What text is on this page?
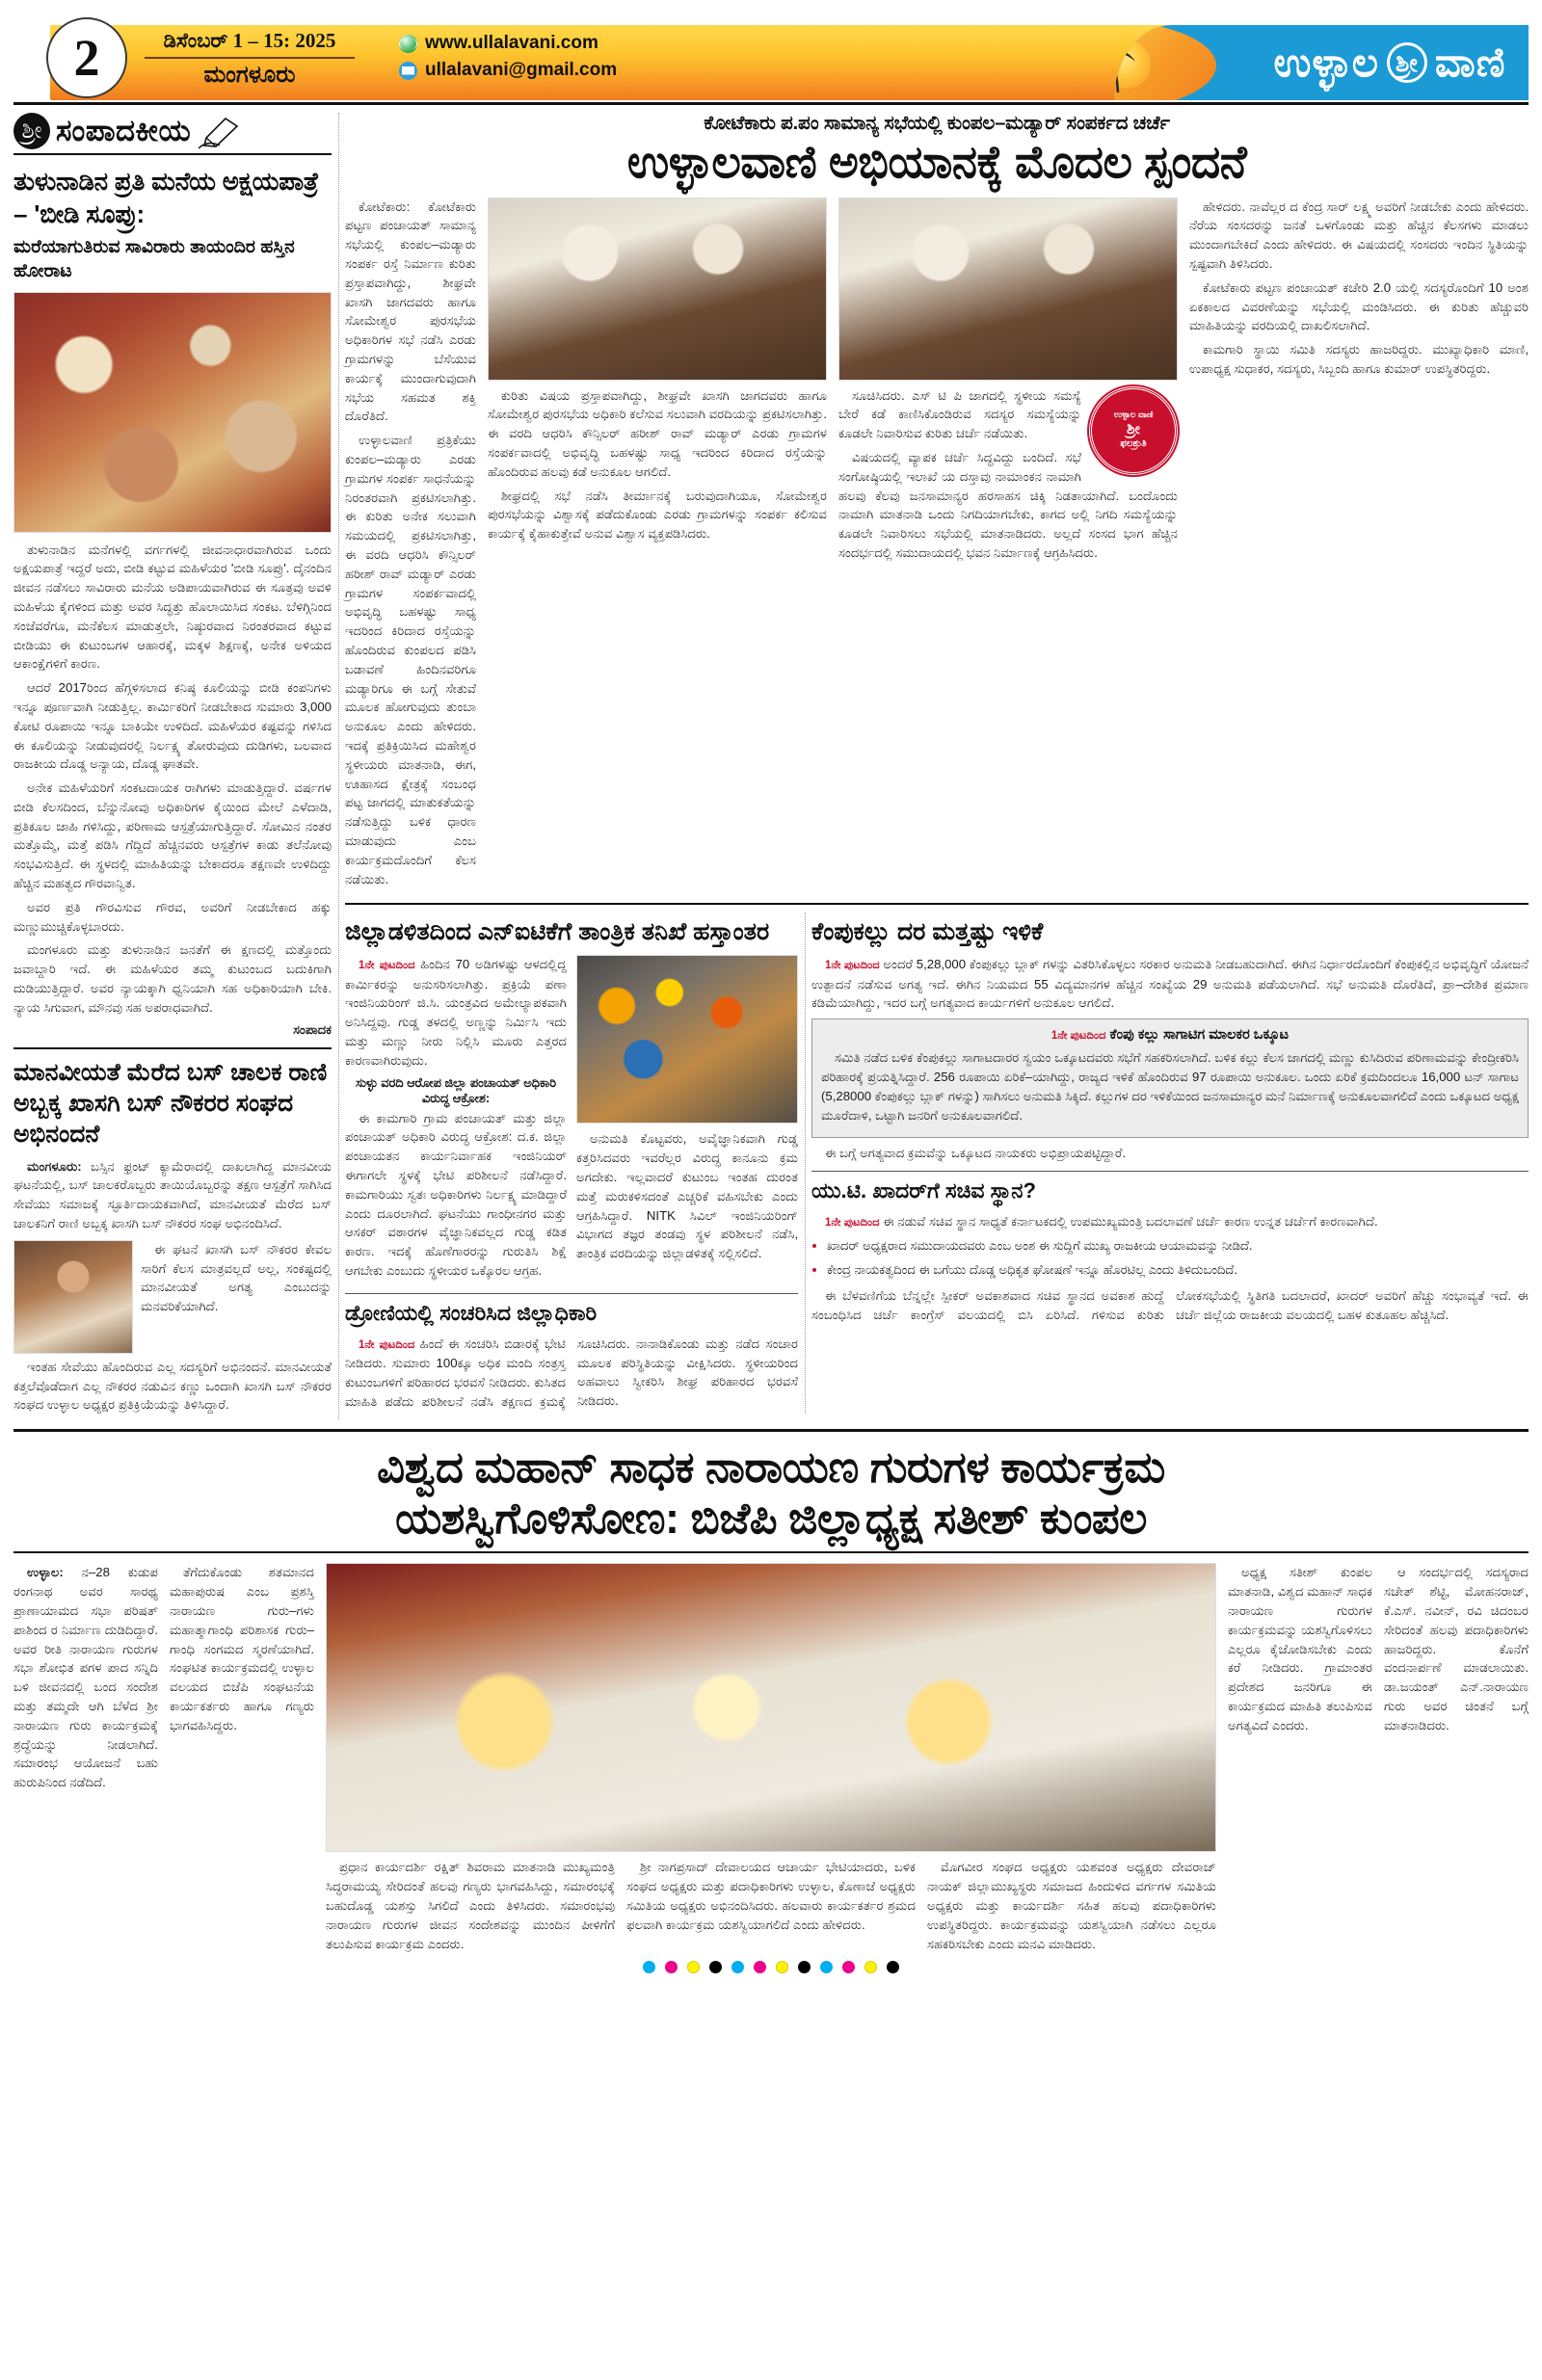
ಉಳ್ಳಾಲ ಶ್ರೀ ವಾಣಿ
2	ಡಿಸೆಂಬರ್ 1 – 15: 2025
ಮಂಗಳೂರು
www.ullalavani.com
ullalavani@gmail.com
ಶ್ರೀ ಸಂಪಾದಕೀಯ
ತುಳುನಾಡಿನ ಪ್ರತಿ ಮನೆಯ ಅಕ್ಷಯಪಾತ್ರೆ – 'ಬೀಡಿ ಸೂಪ್ರು:
ಮರೆಯಾಗುತಿರುವ ಸಾವಿರಾರು ತಾಯಂದಿರ ಹಸ್ತಿನ ಹೋರಾಟ

ತುಳುನಾಡಿನ ಮನೆಗಳಲ್ಲಿ ವರ್ಗಗಳಲ್ಲಿ ಜೀವನಾಧಾರವಾಗಿರುವ ಒಂದು ಅಕ್ಷಯಪಾತ್ರೆ ಇದ್ದರೆ ಅದು, ಬೀಡಿ ಕಟ್ಟುವ ಮಹಿಳೆಯರ 'ಬೀಡಿ ಸೂಪ್ರು'. ದೈನಂದಿನ ಜೀವನ ನಡೆಸಲು ಸಾವಿರಾರು ಮನೆಯ ಅಡಿಪಾಯವಾಗಿರುವ ಈ ಸೂತ್ರವು ಅವಳಿ ಮಹಿಳೆಯ ಕೈಗಳಿಂದ ಮತ್ತು ಅವರ ಸಿದ್ಧತ್ತು ಹೊಲಾಯಿಸಿದ ಸಂಕಟ. ಬೆಳಿಗ್ಗಿನಿಂದ ಸಂಜೆವರೆಗೂ, ಮನೆಕೆಲಸ ಮಾಡುತ್ತಲೇ, ನಿಷ್ಠುರವಾದ ನಿರಂತರವಾದ ಕಟ್ಟುವ ಬೀಡಿಯು ಈ ಕುಟುಂಬಗಳ ಆಹಾರಕ್ಕೆ, ಮಕ್ಕಳ ಶಿಕ್ಷಣಕ್ಕೆ, ಅನೇಕ ಅಳಿಯದ ಆಕಾಂಕ್ಷೆಗಳಿಗೆ ಕಾರಣ.

ಆದರೆ 2017ರಿಂದ ಹೆಗ್ಗಳಿಸಲಾದ ಕನಿಷ್ಠ ಕೂಲಿಯನ್ನು ಬೀಡಿ ಕಂಪನಿಗಳು ಇನ್ನೂ ಪೂರ್ಣವಾಗಿ ನೀಡುತ್ತಿಲ್ಲ. ಕಾರ್ಮಿಕರಿಗೆ ನೀಡಬೇಕಾದ ಸುಮಾರು 3,000 ಕೋಟಿ ರೂಪಾಯಿ ಇನ್ನೂ ಬಾಕಿಯೇ ಉಳಿದಿದೆ. ಮಹಿಳೆಯರ ಕಷ್ಟವನ್ನು ಗಳಿಸಿದ ಈ ಕೂಲಿಯನ್ನು ನೀಡುವುದರಲ್ಲಿ ನಿರ್ಲಕ್ಷ್ಯ ತೋರುವುದು ದುಡಿಗಳು, ಬಲವಾದ ರಾಜಕೀಯ ದೊಡ್ಡ ಅನ್ಯಾಯ, ದೊಡ್ಡ ಘಾತವೇ.

ಅನೇಕ ಮಹಿಳೆಯರಿಗೆ ಸಂಕಟದಾಯಕ ರಾಗಿಗಳು ಮಾಡುತ್ತಿದ್ದಾರೆ. ವರ್ಷಗಳ ಬೀಡಿ ಕೆಲಸದಿಂದ, ಬೆನ್ನುನೋವು ಅಧಿಕಾರಿಗಳ ಕೈಯಿಂದ ಮೇಲೆ ಎಳೆದಾಡಿ, ಪ್ರತಿಕೂಲ ಜಾಹಿ ಗಳಿಸಿದ್ದು, ಪರಿಣಾಮ ಆಸ್ಪತ್ರೆಯಾಗುತ್ತಿದ್ದಾರೆ. ಸೋಮಿನ ನಂತರ ಮತ್ತೊಮ್ಮೆ, ಮತ್ತೆ ಪಡಿಸಿ ಗೆದ್ದಿದೆ ಹೆಚ್ಚಿನವರು ಆಸ್ಪತ್ರೆಗಳ ಕಾಡು ತಲೆನೋವು ಸಂಭವಿಸುತ್ತಿದೆ. ಈ ಸ್ಥಳದಲ್ಲಿ ಮಾಹಿತಿಯನ್ನು ಬೇಕಾದರೂ ತಕ್ಷಣವೇ ಉಳಿದಿದ್ದು ಹೆಚ್ಚಿನ ಮಹತ್ವದ ಗೌರವಾನ್ವಿತ.

ಅವರ ಪ್ರತಿ ಗೌರವಿಸುವ ಗೌರವ, ಅವರಿಗೆ ನೀಡಬೇಕಾದ ಹಕ್ಕು ಮಣ್ಣುಮುಚ್ಚಿಕೊಳ್ಳಬಾರದು.

ಮಂಗಳೂರು ಮತ್ತು ತುಳುನಾಡಿನ ಜನತೆಗೆ ಈ ಕ್ಷಣದಲ್ಲಿ ಮತ್ತೊಂದು ಜವಾಬ್ದಾರಿ ಇದೆ. ಈ ಮಹಿಳೆಯರ ತಮ್ಮ ಕುಟುಂಬದ ಬದುಕಿಗಾಗಿ ದುಡಿಯುತ್ತಿದ್ದಾರೆ. ಅವರ ನ್ಯಾಯಕ್ಕಾಗಿ ಧ್ವನಿಯಾಗಿ ಸಹ ಅಧಿಕಾರಿಯಾಗಿ ಬೇಕಿ. ನ್ಯಾಯ ಸಿಗುವಾಗ, ಮೌನವು ಸಹ ಅಪರಾಧವಾಗಿದೆ.

ಸಂಪಾದಕ
ಮಾನವೀಯತೆ ಮೆರೆದ ಬಸ್ ಚಾಲಕ ರಾಣಿ ಅಬ್ಬಕ್ಕ ಖಾಸಗಿ ಬಸ್ ನೌಕರರ ಸಂಘದ ಅಭಿನಂದನೆ

ಮಂಗಳೂರು: ಬಸ್ಸಿನ ಫ್ರಂಟ್ ಕ್ಯಾಮೆರಾದಲ್ಲಿ ದಾಖಲಾಗಿದ್ದ ಮಾನವೀಯ ಘಟನೆಯಲ್ಲಿ, ಬಸ್ ಚಾಲಕರೊಬ್ಬರು ತಾಯಿಯೊಬ್ಬರನ್ನು ತಕ್ಷಣ ಆಸ್ಪತ್ರೆಗೆ ಸಾಗಿಸಿದ ಸೇವೆಯು ಸಮಾಜಕ್ಕೆ ಸ್ಫೂರ್ತಿದಾಯಕವಾಗಿದೆ, ಮಾನವೀಯತೆ ಮೆರೆದ ಬಸ್ ಚಾಲಕನಿಗೆ ರಾಣಿ ಅಬ್ಬಕ್ಕ ಖಾಸಗಿ ಬಸ್ ನೌಕರರ ಸಂಘ ಅಭಿನಂದಿಸಿದೆ.

ಈ ಘಟನೆ ಖಾಸಗಿ ಬಸ್ ನೌಕರರ ಕೇವಲ ಸಾರಿಗೆ ಕೆಲಸ ಮಾತ್ರವಲ್ಲದೆ ಅಲ್ಲ, ಸಂಕಷ್ಟದಲ್ಲಿ ಮಾನವೀಯತೆ ಅಗತ್ಯ ಎಂಬುದನ್ನು ಮನವರಿಕೆಯಾಗಿದೆ.

ಇಂತಹ ಸೇವೆಯು ಹೊಂದಿರುವ ಎಲ್ಲ ಸದಸ್ಯರಿಗೆ ಅಭಿನಂದನೆ. ಮಾನವೀಯತೆ ಕತ್ತಲೆವೊಡೆದಾಗ ಎಲ್ಲ ನೌಕರರ ನಡುವಿನ ಕಣ್ಣು ಒಂದಾಗಿ ಖಾಸಗಿ ಬಸ್ ನೌಕರರ ಸಂಘದ ಉಳ್ಳಾಲ ಅಧ್ಯಕ್ಷರ ಪ್ರತಿಕ್ರಿಯೆಯನ್ನು ತಿಳಿಸಿದ್ದಾರೆ.

ಕೋಟೆಕಾರು ಪ.ಪಂ ಸಾಮಾನ್ಯ ಸಭೆಯಲ್ಲಿ ಕುಂಪಲ–ಮಡ್ಯಾರ್ ಸಂಪರ್ಕದ ಚರ್ಚೆ
ಉಳ್ಳಾಲವಾಣಿ ಅಭಿಯಾನಕ್ಕೆ ಮೊದಲ ಸ್ಪಂದನೆ

ಕೋಟೆಕಾರು: ಕೋಟೆಕಾರು ಪಟ್ಟಣ ಪಂಚಾಯತ್ ಸಾಮಾನ್ಯ ಸಭೆಯಲ್ಲಿ ಕುಂಪಲ–ಮಡ್ಯಾರು ಸಂಪರ್ಕ ರಸ್ತೆ ನಿರ್ಮಾಣ ಕುರಿತು ಪ್ರಸ್ತಾಪವಾಗಿದ್ದು, ಶೀಘ್ರವೇ ಖಾಸಗಿ ಜಾಗದವರು ಹಾಗೂ ಸೋಮೇಶ್ವರ ಪುರಸಭೆಯ ಅಧಿಕಾರಿಗಳ ಸಭೆ ನಡೆಸಿ ಎರಡು ಗ್ರಾಮಗಳನ್ನು ಬೆಸೆಯುವ ಕಾರ್ಯಕ್ಕೆ ಮುಂದಾಗುವುದಾಗಿ ಸಭೆಯ ಸಹಮತ ಶಕ್ತಿ ದೊರೆತಿದೆ.

ಉಳ್ಳಾಲವಾಣಿ ಪ್ರತ್ರಿಕೆಯು ಕುಂಪಲ–ಮಡ್ಯಾರು ಎರಡು ಗ್ರಾಮಗಳ ಸಂಪರ್ಕ ಸಾಧನೆಯನ್ನು ನಿರಂತರವಾಗಿ ಪ್ರಕಟಿಸಲಾಗಿತ್ತು. ಈ ಕುರಿತು ಅನೇಕ ಸಲುವಾಗಿ ಸಮಯದಲ್ಲಿ ಪ್ರಕಟಿಸಲಾಗಿತ್ತು, ಈ ವರದಿ ಆಧರಿಸಿ ಕೌನ್ಸಿಲರ್ ಹರೀಶ್ ರಾವ್ ಮಡ್ಯಾರ್ ಎರಡು ಗ್ರಾಮಗಳ ಸಂಪರ್ಕವಾದಲ್ಲಿ ಅಭಿವೃದ್ಧಿ ಬಹಳಷ್ಟು ಸಾಧ್ಯ ಇದರಿಂದ ಕಿರಿದಾದ ರಸ್ತೆಯನ್ನು ಹೊಂದಿರುವ ಕುಂಪಲದ ಪಡಿಸಿ ಬಡಾವಣೆ ಹಿಂದಿನವರಿಗೂ ಮಡ್ಯಾರಿಗೂ ಈ ಬಗ್ಗೆ ಸೇತುವೆ ಮೂಲಕ ಹೋಗುವುದು ತುಂಬಾ ಅನುಕೂಲ ಎಂದು ಹೇಳಿದರು. ಇದಕ್ಕೆ ಪ್ರತಿಕ್ರಿಯಿಸಿದ ಮಹೇಶ್ವರ ಸ್ಥಳೀಯರು ಮಾತನಾಡಿ, ಈಗ, ಊಹಾಸದ ಕ್ಷೇತ್ರಕ್ಕೆ ಸಂಬಂಧ ಪಟ್ಟ ಜಾಗದಲ್ಲಿ ಮಾತುಕತೆಯನ್ನು ನಡೆಸುತ್ತಿದ್ದು ಬಳಿಕ ಧಾರಣ ಮಾಡುವುದು ಎಂಬ ಕಾರ್ಯಕ್ರಮದೊಂದಿಗೆ ಕೆಲಸ ನಡೆಯಿತು.

ಕುರಿತು ವಿಷಯ ಪ್ರಸ್ತಾಪವಾಗಿದ್ದು, ಶೀಘ್ರವೇ ಖಾಸಗಿ ಜಾಗದವರು ಹಾಗೂ ಸೋಮೇಶ್ವರ ಪುರಸಭೆಯ ಅಧಿಕಾರಿ ಕಲೆಸುವ ಸಲುವಾಗಿ ವರದಿಯನ್ನು ಪ್ರಕಟಿಸಲಾಗಿತ್ತು. ಈ ವರದಿ ಆಧರಿಸಿ ಕೌನ್ಸಿಲರ್ ಹರೀಶ್ ರಾವ್ ಮಡ್ಯಾರ್ ಎರಡು ಗ್ರಾಮಗಳ ಸಂಪರ್ಕವಾದಲ್ಲಿ ಅಭಿವೃದ್ಧಿ ಬಹಳಷ್ಟು ಸಾಧ್ಯ ಇದರಿಂದ ಕಿರಿದಾದ ರಸ್ತೆಯನ್ನು ಹೊಂದಿರುವ ಹಲವು ಕಡೆ ಅನುಕೂಲ ಆಗಲಿದೆ.

ಶೀಘ್ರದಲ್ಲಿ ಸಭೆ ನಡೆಸಿ ತೀರ್ಮಾನಕ್ಕೆ ಬರುವುದಾಗಿಯೂ, ಸೋಮೇಶ್ವರ ಪುರಸಭೆಯನ್ನು ವಿಶ್ವಾಸಕ್ಕೆ ಪಡೆದುಕೊಂಡು ಎರಡು ಗ್ರಾಮಗಳನ್ನು ಸಂಪರ್ಕ ಕಲಿಸುವ ಕಾರ್ಯಕ್ಕೆ ಕೈಹಾಕುತ್ತೇವೆ ಅನುವ ವಿಶ್ವಾಸ ವ್ಯಕ್ತಪಡಿಸಿದರು.

ಉಳ್ಳಾಲ ವಾಣಿ
ಶ್ರೀ
ಫಲಶ್ರುತಿ

ಸೂಚಿಸಿದರು. ಎಸ್ ಟಿ ಪಿ ಜಾಗದಲ್ಲಿ ಸ್ಥಳೀಯ ಸಮಸ್ಯೆ ಬೇರೆ ಕಡೆ ಕಾಣಿಸಿಕೊಂಡಿರುವ ಸದಸ್ಯರ ಸಮಸ್ಯೆಯನ್ನು ಕೂಡಲೇ ನಿವಾರಿಸುವ ಕುರಿತು ಚರ್ಚೆ ನಡೆಯಿತು.

ವಿಷಯದಲ್ಲಿ ವ್ಯಾಪಕ ಚರ್ಚೆ ಸಿದ್ಧವಿದ್ದು ಬಂದಿದೆ. ಸಭೆ ಸಂಗೋಷ್ಠಿಯಲ್ಲಿ ಇಲಾಖೆ ಯ ದಸ್ತಾವು ನಾಮಾಂಕನ ನಾಮಾಗಿ ಹಲವು ಕೆಲವು ಜನಸಾಮಾನ್ಯರ ಹರಸಾಹಸ ಚಿಕ್ಕಿ ನಿಡತಾಯಾಗಿದೆ. ಬಂದೊಂದು ನಾಮಾಗಿ ಮಾತನಾಡಿ ಒಂದು ನಿಗದಿಯಾಗಬೇಕು, ಕಾಗದ ಅಲ್ಲಿ ನಿಗದಿ ಸಮಸ್ಯೆಯನ್ನು ಕೂಡಲೇ ನಿವಾರಿಸಲು ಸಭೆಯಲ್ಲಿ ಮಾತನಾಡಿದರು. ಅಲ್ಲದೆ ಸಂಸದ ಭಾಗ ಹೆಚ್ಚಿನ ಸಂದರ್ಭದಲ್ಲಿ ಸಮುದಾಯದಲ್ಲಿ ಭವನ ನಿರ್ಮಾಣಕ್ಕೆ ಆಗ್ರಹಿಸಿದರು.

ಹೇಳಿದರು. ನಾವೆಲ್ಲರ ದ ಕೆಂದ್ರ ಸಾರ್ ಲಕ್ಷ್ಮ ಅವರಿಗೆ ನೀಡಬೇಕು ಎಂದು ಹೇಳಿದರು. ನೆರೆಯ ಸಂಸದರನ್ನು ಜನತೆ ಒಳಗೊಂಡು ಮತ್ತು ಹೆಚ್ಚಿನ ಕೆಲಸಗಳು ಮಾಡಲು ಮುಂದಾಗಬೇಕಿದೆ ಎಂದು ಹೇಳಿದರು. ಈ ವಿಷಯದಲ್ಲಿ ಸಂಸದರು ಇಂದಿನ ಸ್ಥಿತಿಯನ್ನು ಸ್ಪಷ್ಟವಾಗಿ ತಿಳಿಸಿದರು.

ಕೋಟೆಕಾರು ಪಟ್ಟಣ ಪಂಚಾಯತ್ ಕಚೇರಿ 2.0 ಯಲ್ಲಿ ಸದಸ್ಯರೊಂದಿಗೆ 10 ಅಂಶ ಏಕಕಾಲದ ವಿವರಣೆಯನ್ನು ಸಭೆಯಲ್ಲಿ ಮಂಡಿಸಿದರು. ಈ ಕುರಿತು ಹೆಚ್ಚುವರಿ ಮಾಹಿತಿಯನ್ನು ವರದಿಯಲ್ಲಿ ದಾಖಲಿಸಲಾಗಿದೆ.

ಕಾಮಗಾರಿ ಸ್ಥಾಯಿ ಸಮಿತಿ ಸದಸ್ಯರು ಹಾಜರಿದ್ದರು. ಮುಖ್ಯಾಧಿಕಾರಿ ಮಾಣಿ, ಉಪಾಧ್ಯಕ್ಷ ಸುಧಾಕರ, ಸದಸ್ಯರು, ಸಿಬ್ಬಂದಿ ಹಾಗೂ ಕುಮಾರ್ ಉಪಸ್ಥಿತರಿದ್ದರು.

ಜಿಲ್ಲಾಡಳಿತದಿಂದ ಎನ್ಐಟಿಕೆಗೆ ತಾಂತ್ರಿಕ ತನಿಖೆ ಹಸ್ತಾಂತರ

1ನೇ ಪುಟದಿಂದ ಹಿಂದಿನ 70 ಅಡಿಗಳಷ್ಟು ಆಳದಲ್ಲಿದ್ದ ಕಾರ್ಮಿಕರನ್ನು ಅನುಸರಿಸಲಾಗಿತ್ತು. ಪ್ರಕ್ರಿಯೆ ಪಣಾ ಇಂಜಿನಿಯರಿಂಗ್ ಜಿ.ಸಿ. ಯಂತ್ರವಿದ ಅಮೇಲ್ಯಾಪಕವಾಗಿ ಅನಿಸಿದ್ದವು. ಗುಡ್ಡ ತಳದಲ್ಲಿ ಅಣ್ಣನ್ನು ನಿರ್ಮಿಸಿ ಇದು ಮತ್ತು ಮಣ್ಣು ನೀರು ನಿಲ್ಲಿಸಿ ಮೂರು ಎತ್ತರದ ಕಾರಣವಾಗಿರುವುದು.

ಸುಳ್ಳು ವರದಿ ಆರೋಪ ಜಿಲ್ಲಾ ಪಂಚಾಯತ್ ಅಧಿಕಾರಿ ವಿರುದ್ಧ ಆಕ್ರೋಶ:

ಈ ಕಾಮಗಾರಿ ಗ್ರಾಮ ಪಂಚಾಯತ್ ಮತ್ತು ಜಿಲ್ಲಾ ಪಂಚಾಯತ್ ಅಧಿಕಾರಿ ವಿರುದ್ಧ ಆಕ್ರೋಶ: ದ.ಕ. ಜಿಲ್ಲಾ ಪಂಚಾಯತನ ಕಾರ್ಯನಿರ್ವಾಹಕ ಇಂಜಿನಿಯರ್ ಈಗಾಗಲೇ ಸ್ಥಳಕ್ಕೆ ಭೇಟಿ ಪರಿಶೀಲನೆ ನಡೆಸಿದ್ದಾರೆ. ಕಾಮಗಾರಿಯು ಸ್ವತಃ ಅಧಿಕಾರಿಗಳು ನಿರ್ಲಕ್ಷ್ಯ ಮಾಡಿದ್ದಾರೆ ಎಂದು ದೂರಲಾಗಿದೆ. ಘಟನೆಯು ಗಾಂಧೀನಗರ ಮತ್ತು ಆಸಕರ್ ವಠಾರಗಳ ವೈಜ್ಞಾನಿಕವಲ್ಲದ ಗುಡ್ಡ ಕಡಿತ ಕಾರಣ. ಇದಕ್ಕೆ ಹೊಣೆಗಾರರನ್ನು ಗುರುತಿಸಿ ಶಿಕ್ಷೆ ಆಗಬೇಕು ಎಂಬುದು ಸ್ಥಳೀಯರ ಒಕ್ಕೊರಲ ಆಗ್ರಹ.

ಅನುಮತಿ ಕೊಟ್ಟವರು, ಅವೈಜ್ಞಾನಿಕವಾಗಿ ಗುಡ್ಡ ಕತ್ತರಿಸಿದವರು ಇವರೆಲ್ಲರ ವಿರುದ್ಧ ಕಾನೂನು ಕ್ರಮ ಅಗದೇಕು. ಇಲ್ಲವಾದರೆ ಕುಟುಂಬ ಇಂತಹ ದುರಂತ ಮತ್ತೆ ಮರುಕಳಿಸದಂತೆ ಎಚ್ಚರಿಕೆ ವಹಿಸಬೇಕು ಎಂದು ಆಗ್ರಹಿಸಿದ್ದಾರೆ. NITK ಸಿವಿಲ್ ಇಂಜಿನಿಯರಿಂಗ್ ವಿಭಾಗದ ತಜ್ಞರ ತಂಡವು ಸ್ಥಳ ಪರಿಶೀಲನೆ ನಡೆಸಿ, ತಾಂತ್ರಿಕ ವರದಿಯನ್ನು ಜಿಲ್ಲಾಡಳಿತಕ್ಕೆ ಸಲ್ಲಿಸಲಿದೆ.

ಡ್ರೋಣಿಯಲ್ಲಿ ಸಂಚರಿಸಿದ ಜಿಲ್ಲಾಧಿಕಾರಿ

1ನೇ ಪುಟದಿಂದ ಹಿಂದೆ ಈ ಸಂಚರಿಸಿ ಬಿಡಾರಕ್ಕೆ ಭೇಟಿ ನೀಡಿದರು. ಸುಮಾರು 100ಕ್ಕೂ ಅಧಿಕ ಮಂದಿ ಸಂತ್ರಸ್ತ ಕುಟುಂಬಗಳಿಗೆ ಪರಿಹಾರದ ಭರವಸೆ ನೀಡಿದರು. ಕುಸಿತದ ಮಾಹಿತಿ ಪಡೆದು ಪರಿಶೀಲನೆ ನಡೆಸಿ ತಕ್ಷಣದ ಕ್ರಮಕ್ಕೆ ಸೂಚಿಸಿದರು. ನಾನಾಡಿಕೊಂಡು ಮತ್ತು ನಡೆದ ಸಂಚಾರ ಮೂಲಕ ಪರಿಸ್ಥಿತಿಯನ್ನು ವೀಕ್ಷಿಸಿದರು. ಸ್ಥಳೀಯರಿಂದ ಅಹವಾಲು ಸ್ವೀಕರಿಸಿ ಶೀಘ್ರ ಪರಿಹಾರದ ಭರವಸೆ ನೀಡಿದರು.

ಕೆಂಪುಕಲ್ಲು ದರ ಮತ್ತಷ್ಟು ಇಳಿಕೆ

1ನೇ ಪುಟದಿಂದ ಅಂದರೆ 5,28,000 ಕೆಂಪುಕಲ್ಲು ಬ್ಲಾಕ್ ಗಳನ್ನು ವಿತರಿಸಿಕೊಳ್ಳಲು ಸರಕಾರ ಅನುಮತಿ ನೀಡಬಹುದಾಗಿದೆ. ಈಗಿನ ನಿರ್ಧಾರದೊಂದಿಗೆ ಕೆಂಪುಕಲ್ಲಿನ ಅಭಿವೃದ್ಧಿಗೆ ಯೋಜನೆ ಉತ್ಪಾದನೆ ನಡೆಸುವ ಅಗತ್ಯ ಇದೆ. ಈಗಿನ ನಿಯಮದ 55 ವಿದ್ಯಮಾನಗಳ ಹೆಚ್ಚಿನ ಸಂಖ್ಯೆಯ 29 ಅನುಮತಿ ಪಡೆಯಲಾಗಿದೆ. ಸಭೆ ಅನುಮತಿ ದೊರೆತಿದೆ, ಪ್ರಾ–ದೇಶಿಕ ಪ್ರಮಾಣ ಕಡಿಮೆಯಾಗಿದ್ದು, ಇದರ ಬಗ್ಗೆ ಅಗತ್ಯವಾದ ಕಾರ್ಯಗಳಿಗೆ ಅನುಕೂಲ ಆಗಲಿದೆ.

1ನೇ ಪುಟದಿಂದ ಕೆಂಪು ಕಲ್ಲು ಸಾಗಾಟಿಗ ಮಾಲಕರ ಒಕ್ಕೂಟ

ಸಮಿತಿ ನಡೆದ ಬಳಿಕ ಕೆಂಪುಕಲ್ಲು ಸಾಗಾಟದಾರರ ಸ್ವಯಂ ಒಕ್ಕೂಟದವರು ಸಭೆಗೆ ಸಹಕರಿಸಲಾಗಿದೆ. ಬಳಿಕ ಕಲ್ಲು ಕೆಲಸ ಜಾಗದಲ್ಲಿ ಮಣ್ಣು ಕುಸಿದಿರುವ ಪರಿಣಾಮವನ್ನು ಕೇಂದ್ರೀಕರಿಸಿ ಪರಿಹಾರಕ್ಕೆ ಪ್ರಯತ್ನಿಸಿದ್ದಾರೆ. 256 ರೂಪಾಯಿ ಏರಿಕೆ–ಯಾಗಿದ್ದು, ರಾಜ್ಯದ ಇಳಿಕೆ ಹೊಂದಿರುವ 97 ರೂಪಾಯಿ ಅನುಕೂಲ. ಒಂದು ಏರಿಕೆ ಕ್ರಮದಿಂದಲೂ 16,000 ಟನ್ ಸಾಗಾಟ (5,28000 ಕೆಂಪುಕಲ್ಲು ಬ್ಲಾಕ್ ಗಳನ್ನು) ಸಾಗಿಸಲು ಅನುಮತಿ ಸಿಕ್ಕಿದೆ. ಕಲ್ಲುಗಳ ದರ ಇಳಿಕೆಯಿಂದ ಜನಸಾಮಾನ್ಯರ ಮನೆ ನಿರ್ಮಾಣಕ್ಕೆ ಅನುಕೂಲವಾಗಲಿದೆ ಎಂದು ಒಕ್ಕೂಟದ ಅಧ್ಯಕ್ಷ ಮೂರೆದಾಳಿ, ಒಟ್ಟಾಗಿ ಜನರಿಗೆ ಅನುಕೂಲವಾಗಲಿದೆ.

ಈ ಬಗ್ಗೆ ಅಗತ್ಯವಾದ ಕ್ರಮವೆನ್ನು ಒಕ್ಕೂಟದ ನಾಯಕರು ಅಭಿಪ್ರಾಯಪಟ್ಟಿದ್ದಾರೆ.

ಯು.ಟಿ. ಖಾದರ್‌ಗೆ ಸಚಿವ ಸ್ಥಾನ?

1ನೇ ಪುಟದಿಂದ ಈ ನಡುವೆ ಸಚಿವ ಸ್ಥಾನ ಸಾಧ್ಯತೆ ಕರ್ನಾಟಕದಲ್ಲಿ ಉಪಮುಖ್ಯಮಂತ್ರಿ ಬದಲಾವಣೆ ಚರ್ಚೆ ಕಾರಣ ಉನ್ನತ ಚರ್ಚೆಗೆ ಕಾರಣವಾಗಿದೆ.

• ಖಾದರ್ ಅಧ್ಯಕ್ಷರಾದ ಸಮುದಾಯದವರು ಎಂಬ ಅಂಶ ಈ ಸುದ್ದಿಗೆ ಮುಖ್ಯ ರಾಜಕೀಯ ಆಯಾಮವನ್ನು ನೀಡಿದೆ.
• ಕೇಂದ್ರ ನಾಯಕತ್ವದಿಂದ ಈ ಬಗೆಯು ದೊಡ್ಡ ಅಧಿಕೃತ ಘೋಷಣೆ ಇನ್ನೂ ಹೊರಟಿಲ್ಲ ಎಂದು ತಿಳಿದುಬಂದಿದೆ.

ಈ ಬೆಳವಣಿಗೆಯ ಬೆನ್ನಲ್ಲೇ ಸ್ಪೀಕರ್ ಅವಕಾಶವಾದ ಸಚಿವ ಸ್ಥಾನದ ಅವಕಾಶ ಹುದ್ದೆ ಸಂಬಂಧಿಸಿದ ಚರ್ಚೆ ಕಾಂಗ್ರೆಸ್ ವಲಯದಲ್ಲಿ ಬಿಸಿ ಏರಿಸಿದೆ. ಗಳಿಸುವ ಕುರಿತು ಲೋಕಸಭೆಯಲ್ಲಿ ಸ್ಥಿತಿಗತಿ ಬದಲಾದರೆ, ಖಾದರ್ ಅವರಿಗೆ ಹೆಚ್ಚು ಸಂಭಾವ್ಯತೆ ಇದೆ. ಈ ಚರ್ಚೆ ಜಿಲ್ಲೆಯ ರಾಜಕೀಯ ವಲಯದಲ್ಲಿ ಬಹಳ ಕುತೂಹಲ ಹೆಚ್ಚಿಸಿದೆ.

ವಿಶ್ವದ ಮಹಾನ್ ಸಾಧಕ ನಾರಾಯಣ ಗುರುಗಳ ಕಾರ್ಯಕ್ರಮ
ಯಶಸ್ವಿಗೊಳಿಸೋಣ: ಬಿಜೆಪಿ ಜಿಲ್ಲಾಧ್ಯಕ್ಷ ಸತೀಶ್ ಕುಂಪಲ

ಉಳ್ಳಾಲ: ನ–28 ಕುಡುಪ ರಂಗನಾಥ ಅವರ ಸಾರಥ್ಯ ಪ್ರಾಣಾಯಾಮದ ಸಭಾ ಪರಿಷತ್ ಪಾಶಿಂದ ರ ನಿರ್ಮಾಣ ದುಡಿದಿದ್ದಾರೆ. ಅವರ ರೀತಿ ನಾರಾಯಣ ಗುರುಗಳ ಸಭಾ ಶೋಭಿತ ಪಗಳ ಪಾದ ಸನ್ನಿದಿ ಬಳಿ ಜೀವನದಲ್ಲಿ ಬಂದ ಸಂದೇಶ ಮತ್ತು ತಮ್ಮದೇ ಆಗಿ ಬೆಳೆದ ಶ್ರೀ ನಾರಾಯಣ ಗುರು ಕಾರ್ಯಕ್ರಮಕ್ಕೆ ಶ್ರದ್ಧೆಯನ್ನು ನೀಡಲಾಗಿದೆ. ಸಮಾರಂಭ ಆಯೋಜನೆ ಬಹು ಹುರುಪಿನಿಂದ ನಡೆದಿದೆ.

ತೆಗೆದುಕೊಂಡು ಶತಮಾನದ ಮಹಾಪುರುಷ ಎಂಬ ಪ್ರಶಸ್ತಿ ನಾರಾಯಣ ಗುರು–ಗಳು ಮಹಾತ್ಮಾಗಾಂಧಿ ಪರಿಶಾಸಕ ಗುರು–ಗಾಂಧಿ ಸಂಗಮದ ಸ್ಮರಣೆಯಾಗಿದೆ. ಸಂಘಟಿತ ಕಾರ್ಯಕ್ರಮದಲ್ಲಿ ಉಳ್ಳಾಲ ವಲಯದ ಬಿಜೆಪಿ ಸಂಘಟನೆಯ ಕಾರ್ಯಕರ್ತರು ಹಾಗೂ ಗಣ್ಯರು ಭಾಗವಹಿಸಿದ್ದರು.

ಪ್ರಧಾನ ಕಾರ್ಯದರ್ಶಿ ರಕ್ಷಿತ್ ಶಿವರಾಮ ಮಾತನಾಡಿ ಮುಖ್ಯಮಂತ್ರಿ ಸಿದ್ಧರಾಮಯ್ಯ ಸೇರಿದಂತೆ ಹಲವು ಗಣ್ಯರು ಭಾಗವಹಿಸಿದ್ದು, ಸಮಾರಂಭಕ್ಕೆ ಬಹುದೊಡ್ಡ ಯಶಸ್ಸು ಸಿಗಲಿದೆ ಎಂದು ತಿಳಿಸಿದರು. ಸಮಾರಂಭವು ನಾರಾಯಣ ಗುರುಗಳ ಜೀವನ ಸಂದೇಶವನ್ನು ಮುಂದಿನ ಪೀಳಿಗೆಗೆ ತಲುಪಿಸುವ ಕಾರ್ಯಕ್ರಮ ಎಂದರು.

ಶ್ರೀ ನಾಗಪ್ರಸಾದ್ ದೇವಾಲಯದ ಆಚಾರ್ಯ ಭೇಟಿಯಾದರು, ಬಳಿಕ ಸಂಘದ ಅಧ್ಯಕ್ಷರು ಮತ್ತು ಪದಾಧಿಕಾರಿಗಳು ಉಳ್ಳಾಲ, ಕೊಣಾಜೆ ಅಧ್ಯಕ್ಷರು ಸಮಿತಿಯ ಅಧ್ಯಕ್ಷರು ಅಭಿನಂದಿಸಿದರು. ಹಲವಾರು ಕಾರ್ಯಕರ್ತರ ಶ್ರಮದ ಫಲವಾಗಿ ಕಾರ್ಯಕ್ರಮ ಯಶಸ್ವಿಯಾಗಲಿದೆ ಎಂದು ಹೇಳಿದರು.

ಮೊಗವೀರ ಸಂಘದ ಅಧ್ಯಕ್ಷರು ಯಶವಂತ ಅಧ್ಯಕ್ಷರು ದೇವರಾಜ್ ನಾಯಕ್ ಜಿಲ್ಲಾಮುಖ್ಯಸ್ಥರು ಸಮಾಜದ ಹಿಂದುಳಿದ ವರ್ಗಗಳ ಸಮಿತಿಯ ಅಧ್ಯಕ್ಷರು ಮತ್ತು ಕಾರ್ಯದರ್ಶಿ ಸಹಿತ ಹಲವು ಪದಾಧಿಕಾರಿಗಳು ಉಪಸ್ಥಿತರಿದ್ದರು. ಕಾರ್ಯಕ್ರಮವನ್ನು ಯಶಸ್ವಿಯಾಗಿ ನಡೆಸಲು ಎಲ್ಲರೂ ಸಹಕರಿಸಬೇಕು ಎಂದು ಮನವಿ ಮಾಡಿದರು.

ಅಧ್ಯಕ್ಷ ಸತೀಶ್ ಕುಂಪಲ ಮಾತನಾಡಿ, ವಿಶ್ವದ ಮಹಾನ್ ಸಾಧಕ ನಾರಾಯಣ ಗುರುಗಳ ಕಾರ್ಯಕ್ರಮವನ್ನು ಯಶಸ್ವಿಗೊಳಿಸಲು ಎಲ್ಲರೂ ಕೈಜೋಡಿಸಬೇಕು ಎಂದು ಕರೆ ನೀಡಿದರು. ಗ್ರಾಮಾಂತರ ಪ್ರದೇಶದ ಜನರಿಗೂ ಈ ಕಾರ್ಯಕ್ರಮದ ಮಾಹಿತಿ ತಲುಪಿಸುವ ಅಗತ್ಯವಿದೆ ಎಂದರು.

ಆ ಸಂದರ್ಭದಲ್ಲಿ ಸದಸ್ಯರಾದ ಸಚೇತ್ ಶೆಟ್ಟಿ, ಮೋಹನರಾಜ್, ಕೆ.ಎಸ್. ನವೀನ್, ರವಿ ಚಿದಂಬರ ಸೇರಿದಂತೆ ಹಲವು ಪದಾಧಿಕಾರಿಗಳು ಹಾಜರಿದ್ದರು. ಕೊನೆಗೆ ವಂದನಾರ್ಪಣೆ ಮಾಡಲಾಯಿತು. ಡಾ.ಜಯಂತ್ ಎನ್.ನಾರಾಯಣ ಗುರು ಅವರ ಚಿಂತನೆ ಬಗ್ಗೆ ಮಾತನಾಡಿದರು.
